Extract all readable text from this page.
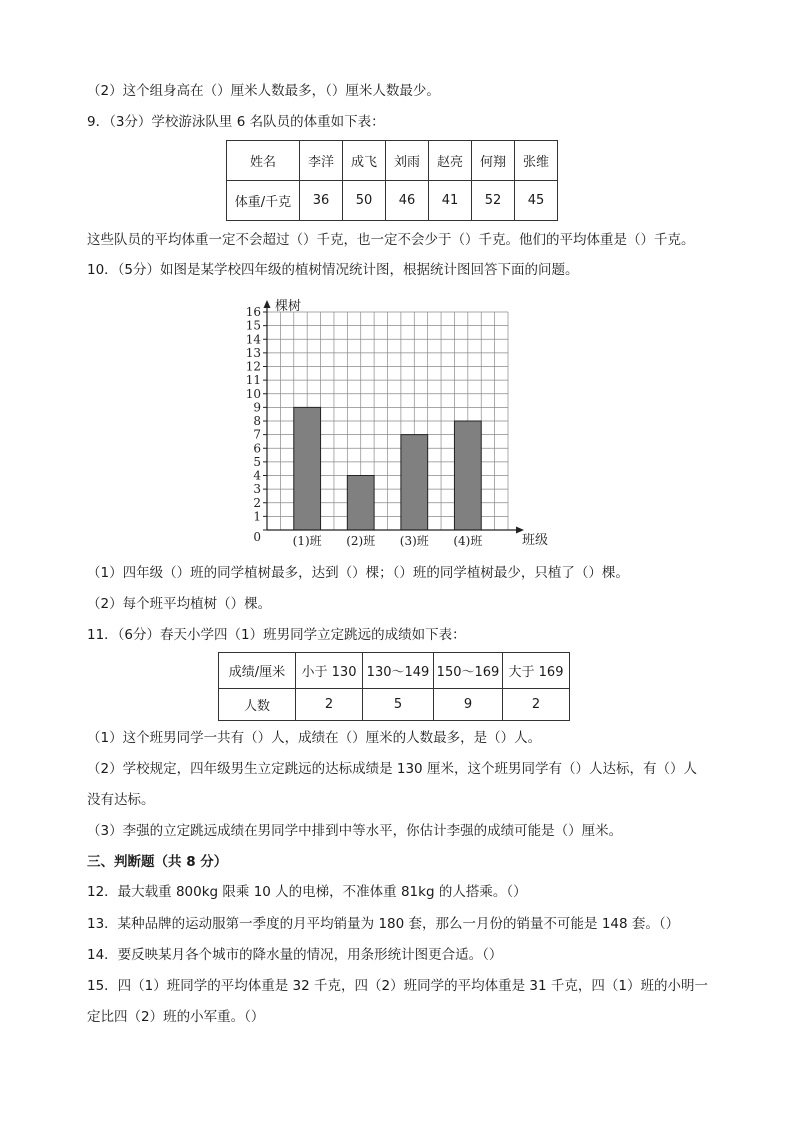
（2）这个组身高在（）厘米人数最多，（）厘米人数最少。
9．（3分）学校游泳队里 6 名队员的体重如下表：
姓名	李洋	成飞	刘雨	赵亮	何翔	张维
体重/千克	36	50	46	41	52	45
这些队员的平均体重一定不会超过（）千克，也一定不会少于（）千克。他们的平均体重是（）千克。
10．（5分）如图是某学校四年级的植树情况统计图，根据统计图回答下面的问题。
0
1
2
3
4
5
6
7
8
9
10
11
12
13
14
15
16
(1)班 (2)班 (3)班 (4)班
棵树
班级
（1）四年级（）班的同学植树最多，达到（）棵；（）班的同学植树最少，只植了（）棵。
（2）每个班平均植树（）棵。
11．（6分）春天小学四（1）班男同学立定跳远的成绩如下表：
成绩/厘米	小于 130	130～149	150～169	大于 169
人数	2	5	9	2
（1）这个班男同学一共有（）人，成绩在（）厘米的人数最多，是（）人。
（2）学校规定，四年级男生立定跳远的达标成绩是 130 厘米，这个班男同学有（）人达标，有（）人
没有达标。
（3）李强的立定跳远成绩在男同学中排到中等水平，你估计李强的成绩可能是（）厘米。
三、判断题（共 8 分）
12．最大载重 800kg 限乘 10 人的电梯，不准体重 81kg 的人搭乘。（）
13．某种品牌的运动服第一季度的月平均销量为 180 套，那么一月份的销量不可能是 148 套。（）
14．要反映某月各个城市的降水量的情况，用条形统计图更合适。（）
15．四（1）班同学的平均体重是 32 千克，四（2）班同学的平均体重是 31 千克，四（1）班的小明一
定比四（2）班的小军重。（）
